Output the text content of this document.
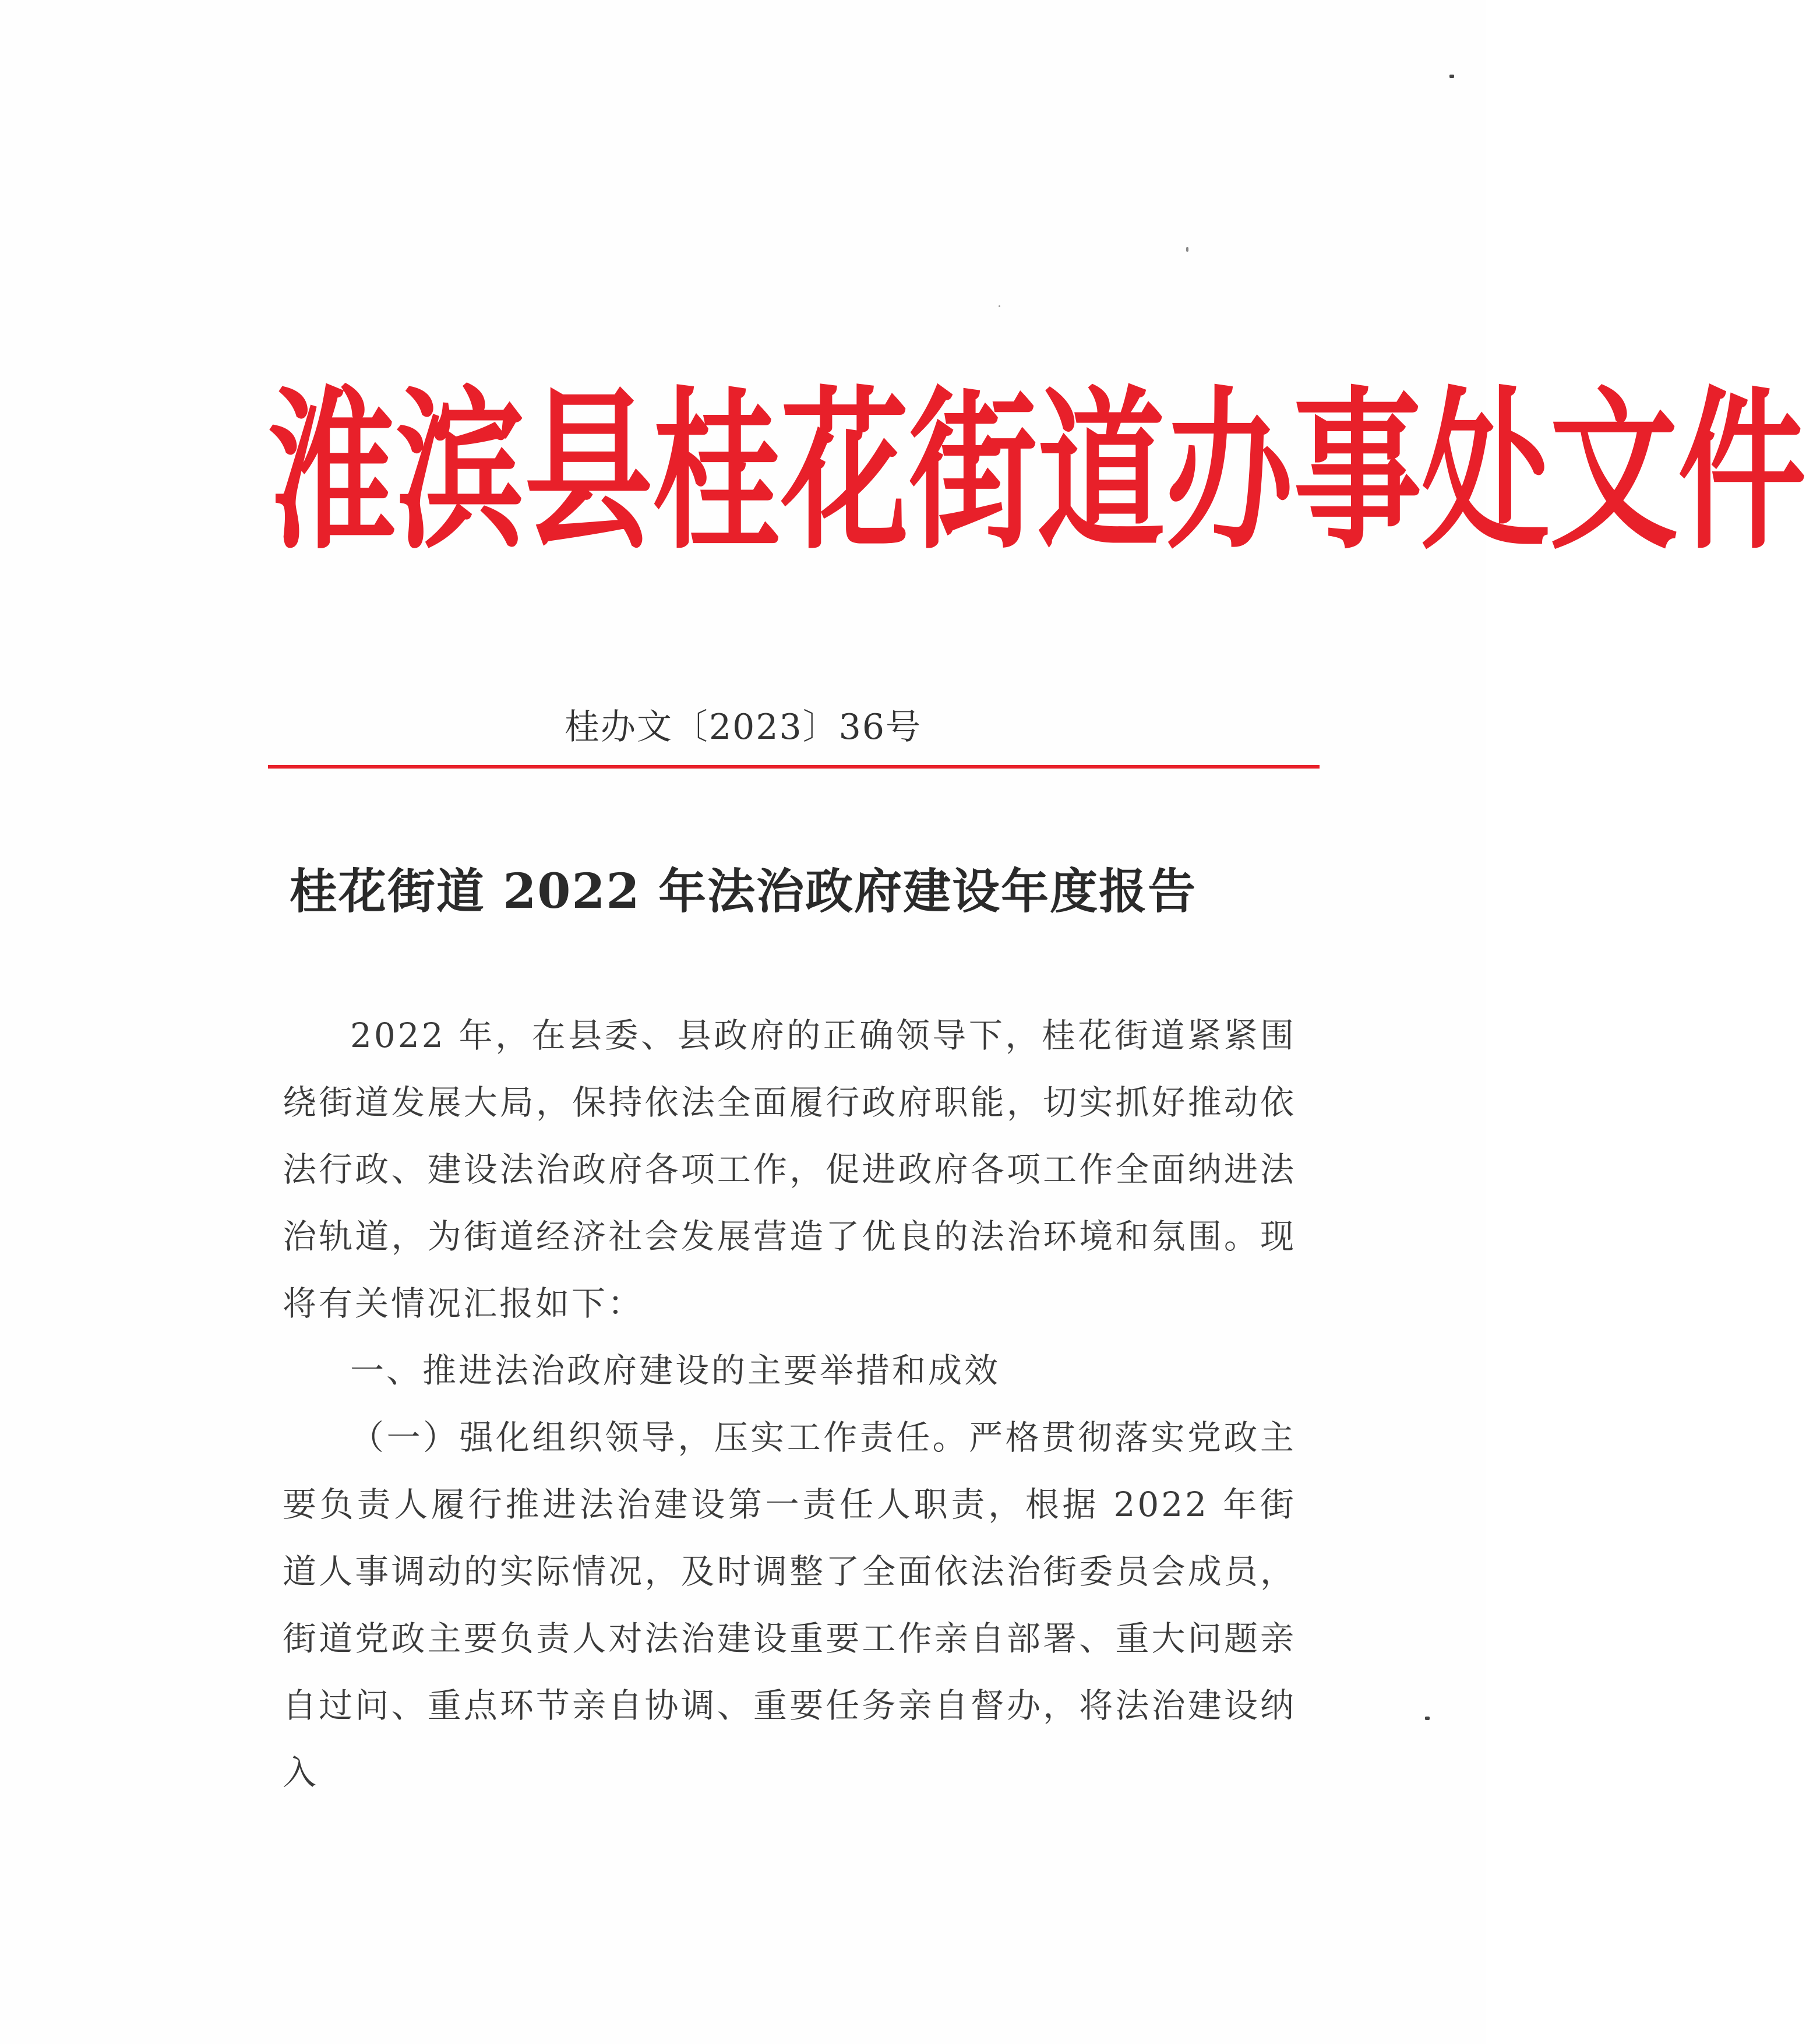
淮 滨 县 桂 花 街 道 办 事 处 文 件
桂办文〔2023〕36号
桂花街道 2022 年法治政府建设年度报告

2022 年，在县委、县政府的正确领导下，桂花街道紧紧围绕街道发展大局，保持依法全面履行政府职能，切实抓好推动依法行政、建设法治政府各项工作，促进政府各项工作全面纳进法治轨道，为街道经济社会发展营造了优良的法治环境和氛围。现将有关情况汇报如下：

一、推进法治政府建设的主要举措和成效

（一）强化组织领导，压实工作责任。严格贯彻落实党政主要负责人履行推进法治建设第一责任人职责，根据 2022 年街道人事调动的实际情况，及时调整了全面依法治街委员会成员，街道党政主要负责人对法治建设重要工作亲自部署、重大问题亲自过问、重点环节亲自协调、重要任务亲自督办，将法治建设纳入
